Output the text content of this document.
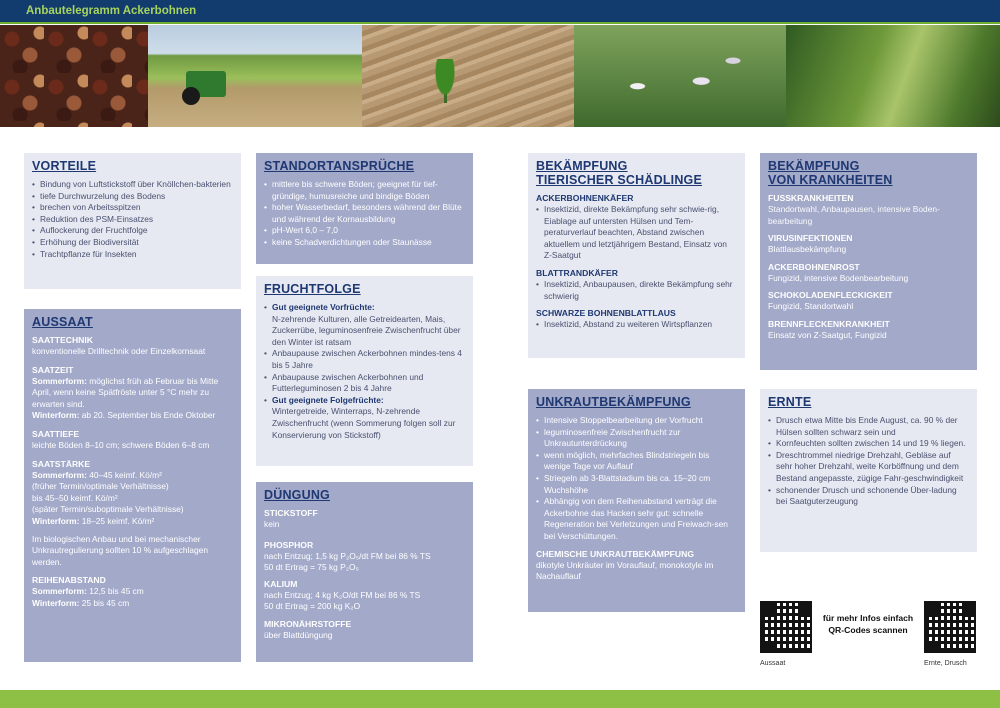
Anbautelegramm Ackerbohnen
VORTEILE
• Bindung von Luftstickstoff über Knöllchen-bakterien
• tiefe Durchwurzelung des Bodens
• brechen von Arbeitsspitzen
• Reduktion des PSM-Einsatzes
• Auflockerung der Fruchtfolge
• Erhöhung der Biodiversität
• Trachtpflanze für Insekten
AUSSAAT
SAATTECHNIK

konventionelle Drilltechnik oder Einzelkornsaat

SAATZEIT

Sommerform: möglichst früh ab Februar bis Mitte April, wenn keine Spätfröste unter 5 °C mehr zu erwarten sind.

Winterform: ab 20. September bis Ende Oktober

SAATTIEFE

leichte Böden 8–10 cm; schwere Böden 6–8 cm

SAATSTÄRKE

Sommerform: 40–45 keimf. Kö/m²

(früher Termin/optimale Verhältnisse)

bis 45–50 keimf. Kö/m²

(später Termin/suboptimale Verhältnisse)

Winterform: 18–25 keimf. Kö/m²

Im biologischen Anbau und bei mechanischer Unkrautregulierung sollten 10 % aufgeschlagen werden.

REIHENABSTAND

Sommerform: 12,5 bis 45 cm

Winterform: 25 bis 45 cm

STANDORTANSPRÜCHE
• mittlere bis schwere Böden; geeignet für tief-gründige, humusreiche und bindige Böden
• hoher Wasserbedarf, besonders während der Blüte und während der Kornausbildung
• pH-Wert 6,0 – 7,0
• keine Schadverdichtungen oder Staunässe
FRUCHTFOLGE
• Gut geeignete Vorfrüchte:
N-zehrende Kulturen, alle Getreidearten, Mais, Zuckerrübe, leguminosenfreie Zwischenfrucht über den Winter ist ratsam
• Anbaupause zwischen Ackerbohnen mindes-tens 4 bis 5 Jahre
• Anbaupause zwischen Ackerbohnen und Futterleguminosen 2 bis 4 Jahre
• Gut geeignete Folgefrüchte:
Wintergetreide, Winterraps, N-zehrende Zwischenfrucht (wenn Sommerung folgen soll zur Konservierung von Stickstoff)
DÜNGUNG
STICKSTOFF

kein

PHOSPHOR

nach Entzug; 1,5 kg P₂O₅/dt FM bei 86 % TS

50 dt Ertrag = 75 kg P₂O₅

KALIUM

nach Entzug; 4 kg K₂O/dt FM bei 86 % TS

50 dt Ertrag = 200 kg K₂O

MIKRONÄHRSTOFFE

über Blattdüngung

BEKÄMPFUNG
TIERISCHER SCHÄDLINGE
ACKERBOHNENKÄFER
• Insektizid, direkte Bekämpfung sehr schwie-rig, Eiablage auf untersten Hülsen und Tem-peraturverlauf beachten, Abstand zwischen aktuellem und letztjährigem Bestand, Einsatz von Z-Saatgut
BLATTRANDKÄFER
• Insektizid, Anbaupausen, direkte Bekämpfung sehr schwierig
SCHWARZE BOHNENBLATTLAUS
• Insektizid, Abstand zu weiteren Wirtspflanzen
UNKRAUTBEKÄMPFUNG
• Intensive Stoppelbearbeitung der Vorfrucht
• leguminosenfreie Zwischenfrucht zur Unkrautunterdrückung
• wenn möglich, mehrfaches Blindstriegeln bis wenige Tage vor Auflauf
• Striegeln ab 3-Blattstadium bis ca. 15–20 cm Wuchshöhe
• Abhängig von dem Reihenabstand verträgt die Ackerbohne das Hacken sehr gut: schnelle Regeneration bei Verletzungen und Freiwach-sen bei Verschüttungen.
CHEMISCHE UNKRAUTBEKÄMPFUNG

dikotyle Unkräuter im Vorauflauf, monokotyle im Nachauflauf

BEKÄMPFUNG
VON KRANKHEITEN
FUSSKRANKHEITEN

Standortwahl, Anbaupausen, intensive Boden-bearbeitung

VIRUSINFEKTIONEN

Blattlausbekämpfung

ACKERBOHNENROST

Fungizid, intensive Bodenbearbeitung

SCHOKOLADENFLECKIGKEIT

Fungizid, Standortwahl

BRENNFLECKENKRANKHEIT

Einsatz von Z-Saatgut, Fungizid

ERNTE
• Drusch etwa Mitte bis Ende August, ca. 90 % der Hülsen sollten schwarz sein und
• Kornfeuchten sollten zwischen 14 und 19 % liegen.
• Dreschtrommel niedrige Drehzahl, Gebläse auf sehr hoher Drehzahl, weite Korböffnung und dem Bestand angepasste, zügige Fahr-geschwindigkeit
• schonender Drusch und schonende Über-ladung bei Saatguterzeugung
Aussaat
für mehr Infos einfach QR-Codes scannen
Ernte, Drusch
